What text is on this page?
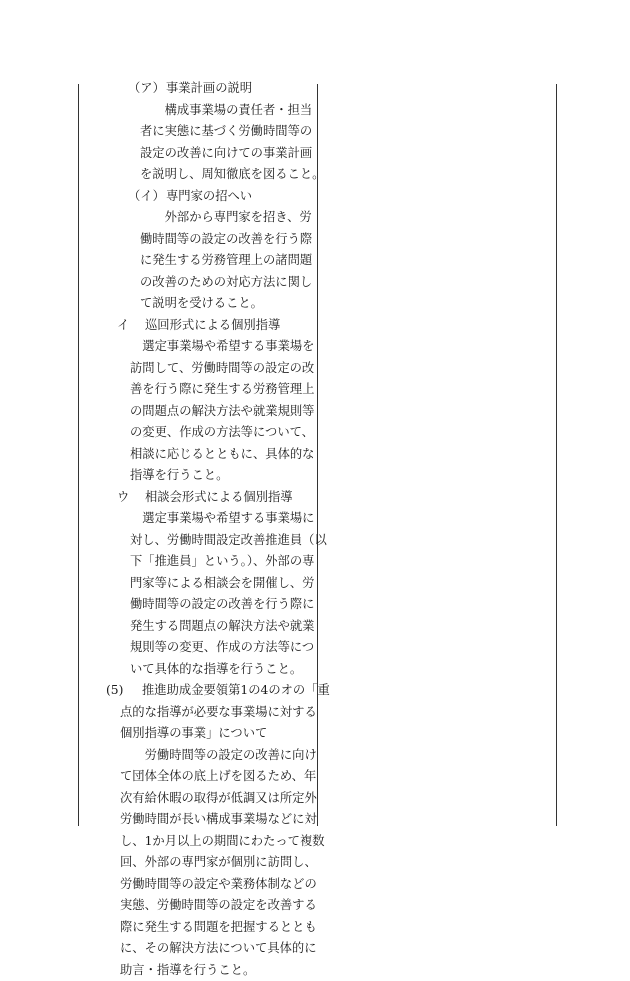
（ア） 事業計画の説明

　　構成事業場の責任者・担当

者に実態に基づく労働時間等の

設定の改善に向けての事業計画

を説明し、周知徹底を図ること。

（イ） 専門家の招へい

　　外部から専門家を招き、労

働時間等の設定の改善を行う際

に発生する労務管理上の諸問題

の改善のための対応方法に関し

て説明を受けること。

イ 巡回形式による個別指導

　選定事業場や希望する事業場を

訪問して、労働時間等の設定の改

善を行う際に発生する労務管理上

の問題点の解決方法や就業規則等

の変更、作成の方法等について、

相談に応じるとともに、具体的な

指導を行うこと。

ウ 相談会形式による個別指導

　選定事業場や希望する事業場に

対し、労働時間設定改善推進員（以

下「推進員」という。）、外部の専

門家等による相談会を開催し、労

働時間等の設定の改善を行う際に

発生する問題点の解決方法や就業

規則等の変更、作成の方法等につ

いて具体的な指導を行うこと。

(5) 推進助成金要領第1の4のオの「重

点的な指導が必要な事業場に対する

個別指導の事業」について

　　労働時間等の設定の改善に向け

て団体全体の底上げを図るため、年

次有給休暇の取得が低調又は所定外

労働時間が長い構成事業場などに対

し、1か月以上の期間にわたって複数

回、外部の専門家が個別に訪問し、

労働時間等の設定や業務体制などの

実態、労働時間等の設定を改善する

際に発生する問題を把握するととも

に、その解決方法について具体的に

助言・指導を行うこと。
